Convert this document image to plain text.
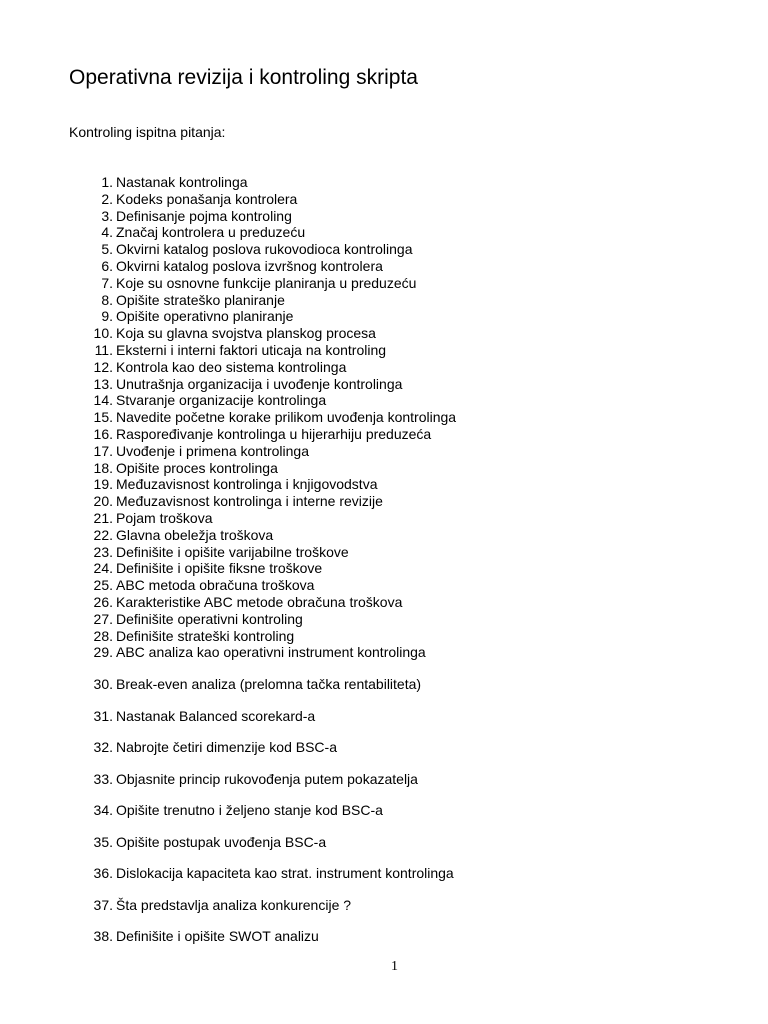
Operativna revizija i kontroling skripta
Kontroling ispitna pitanja:
1. Nastanak kontrolinga
2. Kodeks ponašanja kontrolera
3. Definisanje pojma kontroling
4. Značaj kontrolera u preduzeću
5. Okvirni katalog poslova rukovodioca kontrolinga
6. Okvirni katalog poslova izvršnog kontrolera
7. Koje su osnovne funkcije planiranja u preduzeću
8. Opišite strateško planiranje
9. Opišite operativno planiranje
10. Koja su glavna svojstva planskog procesa
11. Eksterni i interni faktori uticaja na kontroling
12. Kontrola kao deo sistema kontrolinga
13. Unutrašnja organizacija i uvođenje kontrolinga
14. Stvaranje organizacije kontrolinga
15. Navedite početne korake prilikom uvođenja kontrolinga
16. Raspoređivanje kontrolinga u hijerarhiju preduzeća
17. Uvođenje i primena kontrolinga
18. Opišite proces kontrolinga
19. Međuzavisnost kontrolinga i knjigovodstva
20. Međuzavisnost kontrolinga i interne revizije
21. Pojam troškova
22. Glavna obeležja troškova
23. Definišite i opišite varijabilne troškove
24. Definišite i opišite fiksne troškove
25. ABC metoda obračuna troškova
26. Karakteristike ABC metode obračuna troškova
27. Definišite operativni kontroling
28. Definišite strateški kontroling
29. ABC analiza kao operativni instrument kontrolinga
30. Break-even analiza (prelomna tačka rentabiliteta)
31. Nastanak Balanced scorekard-a
32. Nabrojte četiri dimenzije kod BSC-a
33. Objasnite princip rukovođenja putem pokazatelja
34. Opišite trenutno i željeno stanje kod BSC-a
35. Opišite postupak uvođenja BSC-a
36. Dislokacija kapaciteta kao strat. instrument kontrolinga
37. Šta predstavlja analiza konkurencije ?
38. Definišite i opišite SWOT analizu
1
